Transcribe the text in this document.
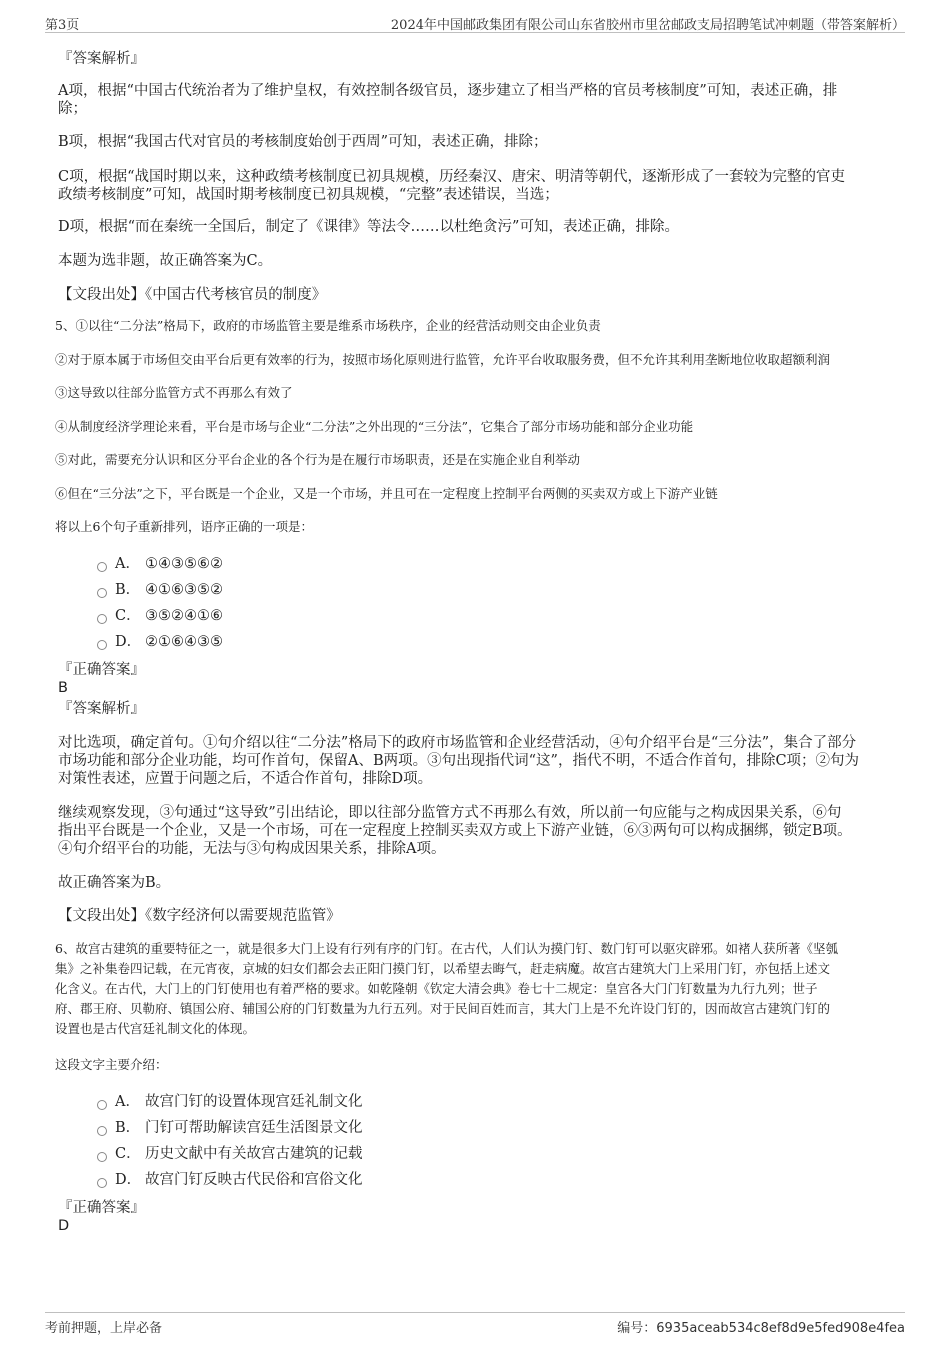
第3页	2024年中国邮政集团有限公司山东省胶州市里岔邮政支局招聘笔试冲刺题（带答案解析）
『答案解析』
A项，根据“中国古代统治者为了维护皇权，有效控制各级官员，逐步建立了相当严格的官员考核制度”可知，表述正确，排
除；
B项，根据“我国古代对官员的考核制度始创于西周”可知，表述正确，排除；
C项，根据“战国时期以来，这种政绩考核制度已初具规模，历经秦汉、唐宋、明清等朝代，逐渐形成了一套较为完整的官吏
政绩考核制度”可知，战国时期考核制度已初具规模，“完整”表述错误，当选；
D项，根据“而在秦统一全国后，制定了《课律》等法令……以杜绝贪污”可知，表述正确，排除。
本题为选非题，故正确答案为C。
【文段出处】《中国古代考核官员的制度》
5、①以往“二分法”格局下，政府的市场监管主要是维系市场秩序，企业的经营活动则交由企业负责
②对于原本属于市场但交由平台后更有效率的行为，按照市场化原则进行监管，允许平台收取服务费，但不允许其利用垄断地位收取超额利润
③这导致以往部分监管方式不再那么有效了
④从制度经济学理论来看，平台是市场与企业“二分法”之外出现的“三分法”，它集合了部分市场功能和部分企业功能
⑤对此，需要充分认识和区分平台企业的各个行为是在履行市场职责，还是在实施企业自利举动
⑥但在“三分法”之下，平台既是一个企业，又是一个市场，并且可在一定程度上控制平台两侧的买卖双方或上下游产业链
将以上6个句子重新排列，语序正确的一项是：
A． ①④③⑤⑥②
B． ④①⑥③⑤②
C． ③⑤②④①⑥
D． ②①⑥④③⑤
『正确答案』
B
『答案解析』
对比选项，确定首句。①句介绍以往“二分法”格局下的政府市场监管和企业经营活动，④句介绍平台是“三分法”，集合了部分
市场功能和部分企业功能，均可作首句，保留A、B两项。③句出现指代词“这”，指代不明，不适合作首句，排除C项；②句为
对策性表述，应置于问题之后，不适合作首句，排除D项。
继续观察发现，③句通过“这导致”引出结论，即以往部分监管方式不再那么有效，所以前一句应能与之构成因果关系，⑥句
指出平台既是一个企业，又是一个市场，可在一定程度上控制买卖双方或上下游产业链，⑥③两句可以构成捆绑，锁定B项。
④句介绍平台的功能，无法与③句构成因果关系，排除A项。
故正确答案为B。
【文段出处】《数字经济何以需要规范监管》
6、故宫古建筑的重要特征之一，就是很多大门上设有行列有序的门钉。在古代，人们认为摸门钉、数门钉可以驱灾辟邪。如褚人获所著《坚瓠
集》之补集卷四记载，在元宵夜，京城的妇女们都会去正阳门摸门钉，以希望去晦气，赶走病魔。故宫古建筑大门上采用门钉，亦包括上述文
化含义。在古代，大门上的门钉使用也有着严格的要求。如乾隆朝《钦定大清会典》卷七十二规定：皇宫各大门门钉数量为九行九列；世子
府、郡王府、贝勒府、镇国公府、辅国公府的门钉数量为九行五列。对于民间百姓而言，其大门上是不允许设门钉的，因而故宫古建筑门钉的
设置也是古代宫廷礼制文化的体现。
这段文字主要介绍：
A． 故宫门钉的设置体现宫廷礼制文化
B． 门钉可帮助解读宫廷生活图景文化
C． 历史文献中有关故宫古建筑的记载
D． 故宫门钉反映古代民俗和宫俗文化
『正确答案』
D
考前押题，上岸必备	编号：6935aceab534c8ef8d9e5fed908e4fea
